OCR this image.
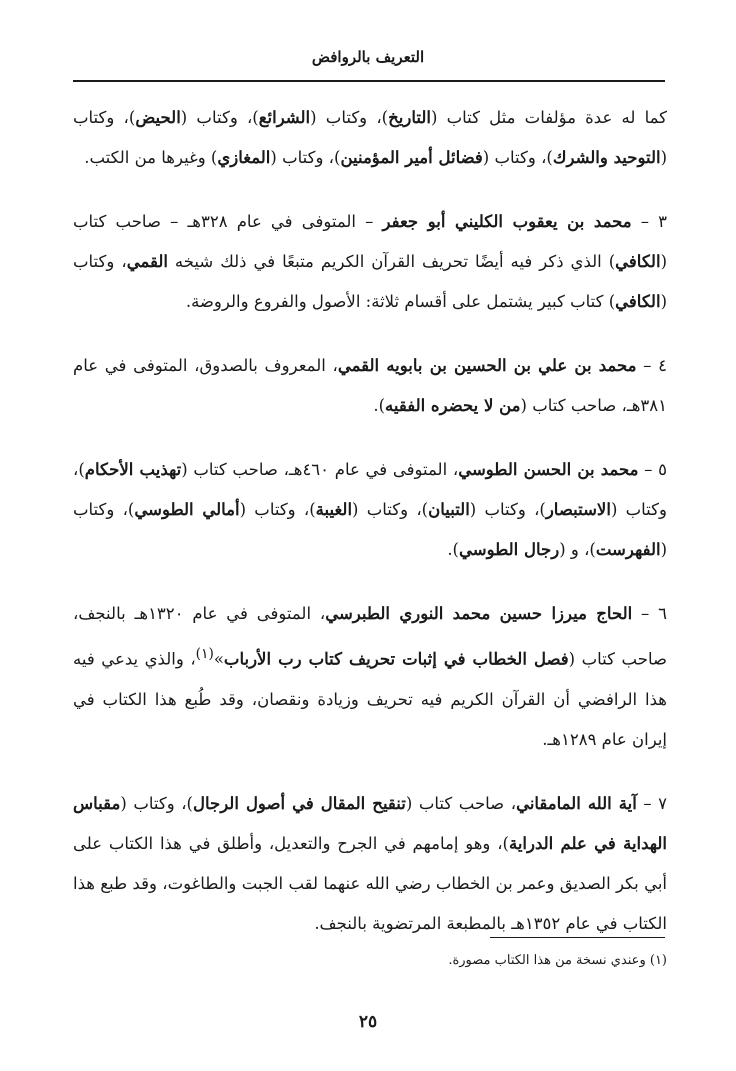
التعريف بالروافض

كما له عدة مؤلفات مثل كتاب (التاريخ)، وكتاب (الشرائع)، وكتاب (الحيض)، وكتاب (التوحيد والشرك)، وكتاب (فضائل أمير المؤمنين)، وكتاب (المغازي) وغيرها من الكتب.

٣ – محمد بن يعقوب الكليني أبو جعفر – المتوفى في عام ٣٢٨هـ – صاحب كتاب (الكافي) الذي ذكر فيه أيضًا تحريف القرآن الكريم متبعًا في ذلك شيخه القمي، وكتاب (الكافي) كتاب كبير يشتمل على أقسام ثلاثة: الأصول والفروع والروضة.

٤ – محمد بن علي بن الحسين بن بابويه القمي، المعروف بالصدوق، المتوفى في عام ٣٨١هـ، صاحب كتاب (من لا يحضره الفقيه).

٥ – محمد بن الحسن الطوسي، المتوفى في عام ٤٦٠هـ، صاحب كتاب (تهذيب الأحكام)، وكتاب (الاستبصار)، وكتاب (التبيان)، وكتاب (الغيبة)، وكتاب (أمالي الطوسي)، وكتاب (الفهرست)، و (رجال الطوسي).

٦ – الحاج ميرزا حسين محمد النوري الطبرسي، المتوفى في عام ١٣٢٠هـ بالنجف، صاحب كتاب (فصل الخطاب في إثبات تحريف كتاب رب الأرباب»$^{(١)}$، والذي يدعي فيه هذا الرافضي أن القرآن الكريم فيه تحريف وزيادة ونقصان، وقد طُبع هذا الكتاب في إيران عام ١٢٨٩هـ.

٧ – آية الله المامقاني، صاحب كتاب (تنقيح المقال في أصول الرجال)، وكتاب (مقباس الهداية في علم الدراية)، وهو إمامهم في الجرح والتعديل، وأطلق في هذا الكتاب على أبي بكر الصديق وعمر بن الخطاب رضي الله عنهما لقب الجبت والطاغوت، وقد طبع هذا الكتاب في عام ١٣٥٢هـ بالمطبعة المرتضوية بالنجف.

(١) وعندي نسخة من هذا الكتاب مصورة.
٢٥
